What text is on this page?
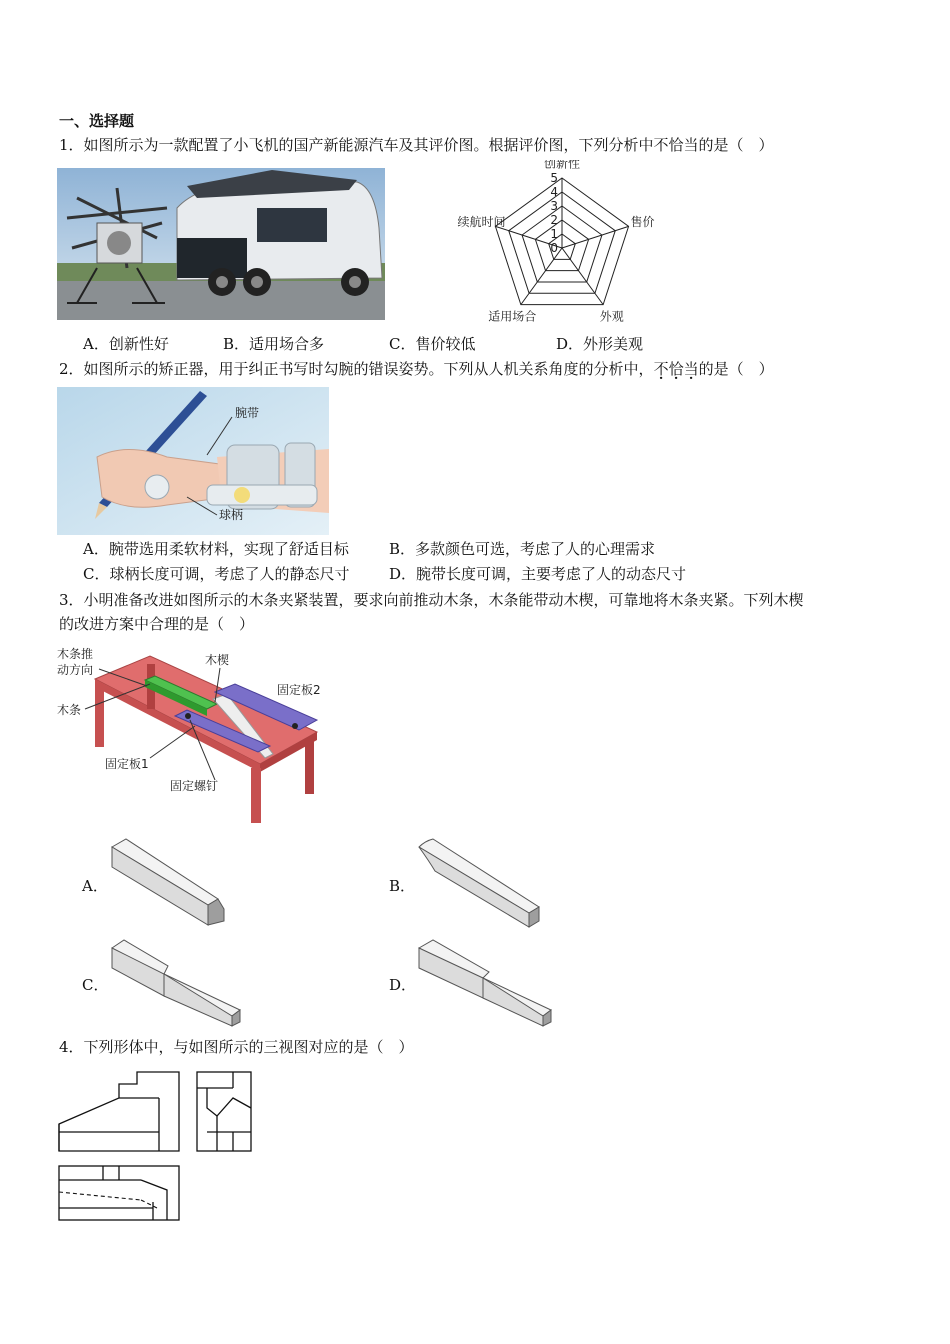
一、选择题
1．如图所示为一款配置了小飞机的国产新能源汽车及其评价图。根据评价图，下列分析中不恰当的是（　）
创新性
售价
外观
适用场合
续航时间
0
1
2
3
4
5
A．创新性好	B．适用场合多	C．售价较低	D．外形美观
2．如图所示的矫正器，用于纠正书写时勾腕的错误姿势。下列从人机关系角度的分析中，不恰当的是（　）
腕带
球柄
A．腕带选用柔软材料，实现了舒适目标	B．多款颜色可选，考虑了人的心理需求
C．球柄长度可调，考虑了人的静态尺寸	D．腕带长度可调，主要考虑了人的动态尺寸
3．小明准备改进如图所示的木条夹紧装置，要求向前推动木条，木条能带动木楔，可靠地将木条夹紧。下列木楔
的改进方案中合理的是（　）
木条推
动方向
木条
木楔
固定板2
固定板1
固定螺钉
A．	B．
C．	D．
4．下列形体中，与如图所示的三视图对应的是（　）
